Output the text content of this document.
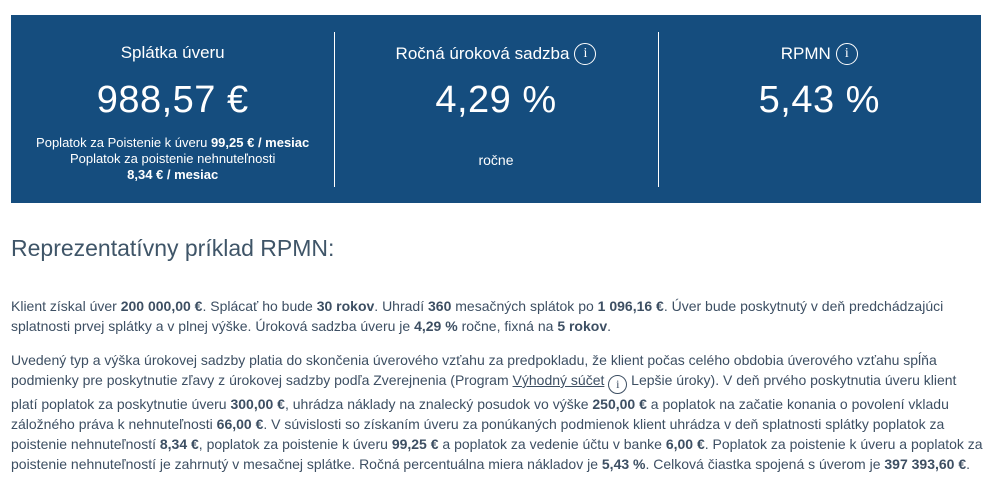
Splátka úveru
988,57 €
Poplatok za Poistenie k úveru 99,25 € / mesiac
Poplatok za poistenie nehnuteľnosti
8,34 € / mesiac
Ročná úroková sadzba	i
4,29 %
ročne
RPMN	i
5,43 %
Reprezentatívny príklad RPMN:

Klient získal úver 200 000,00 €. Splácať ho bude 30 rokov. Uhradí 360 mesačných splátok po 1 096,16 €. Úver bude poskytnutý v deň predchádzajúci splatnosti prvej splátky a v plnej výške. Úroková sadzba úveru je 4,29 % ročne, fixná na 5 rokov.

Uvedený typ a výška úrokovej sadzby platia do skončenia úverového vzťahu za predpokladu, že klient počas celého obdobia úverového vzťahu spĺňa podmienky pre poskytnutie zľavy z úrokovej sadzby podľa Zverejnenia (Program Výhodný súčet i Lepšie úroky). V deň prvého poskytnutia úveru klient platí poplatok za poskytnutie úveru 300,00 €, uhrádza náklady na znalecký posudok vo výške 250,00 € a poplatok na začatie konania o povolení vkladu záložného práva k nehnuteľnosti 66,00 €. V súvislosti so získaním úveru za ponúkaných podmienok klient uhrádza v deň splatnosti splátky poplatok za poistenie nehnuteľností 8,34 €, poplatok za poistenie k úveru 99,25 € a poplatok za vedenie účtu v banke 6,00 €. Poplatok za poistenie k úveru a poplatok za poistenie nehnuteľností je zahrnutý v mesačnej splátke. Ročná percentuálna miera nákladov je 5,43 %. Celková čiastka spojená s úverom je 397 393,60 €.
